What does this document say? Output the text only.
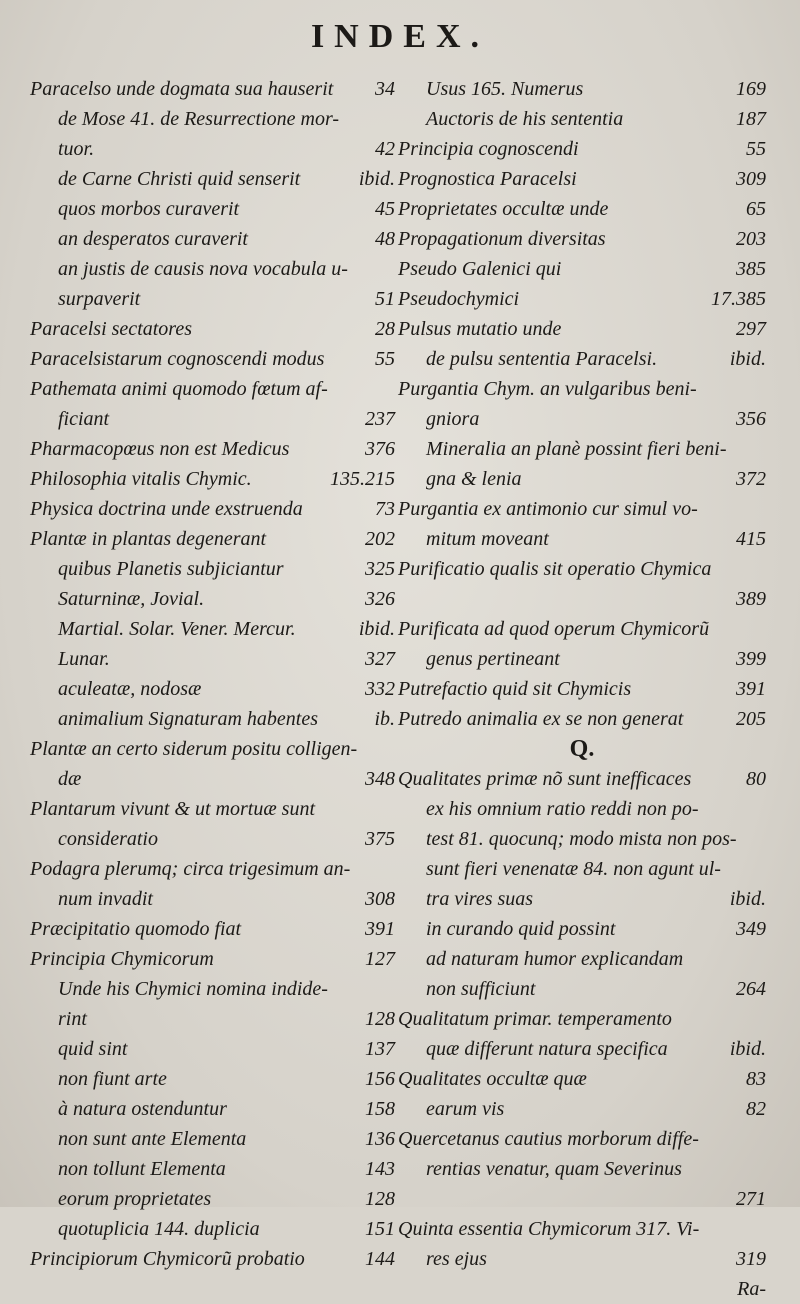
INDEX.
Paracelso unde dogmata sua hauserit 34
de Mose 41. de Resurrectione mor-
tuor.	42
de Carne Christi quid senserit	ibid.
quos morbos curaverit	45
an desperatos curaverit	48
an justis de causis nova vocabula u-
surpaverit	51
Paracelsi sectatores	28
Paracelsistarum cognoscendi modus	55
Pathemata animi quomodo fœtum af-
ficiant	237
Pharmacopœus non est Medicus	376
Philosophia vitalis Chymic.	135.215
Physica doctrina unde exstruenda	73
Plantæ in plantas degenerant	202
quibus Planetis subjiciantur	325
Saturninæ, Jovial.	326
Martial. Solar. Vener. Mercur.	ibid.
Lunar.	327
aculeatæ, nodosæ	332
animalium Signaturam habentes	ib.
Plantæ an certo siderum positu colligen-
dæ	348
Plantarum vivunt & ut mortuæ sunt
consideratio	375
Podagra plerumq; circa trigesimum an-
num invadit	308
Præcipitatio quomodo fiat	391
Principia Chymicorum	127
Unde his Chymici nomina indide-
rint	128
quid sint	137
non fiunt arte	156
à natura ostenduntur	158
non sunt ante Elementa	136
non tollunt Elementa	143
eorum proprietates	128
quotuplicia 144. duplicia	151
Principiorum Chymicorũ probatio	144
Usus 165. Numerus	169
Auctoris de his sententia	187
Principia cognoscendi	55
Prognostica Paracelsi	309
Proprietates occultæ unde	65
Propagationum diversitas	203
Pseudo Galenici qui	385
Pseudochymici	17.385
Pulsus mutatio unde	297
de pulsu sententia Paracelsi.	ibid.
Purgantia Chym. an vulgaribus beni-
gniora	356
Mineralia an planè possint fieri beni-
gna & lenia	372
Purgantia ex antimonio cur simul vo-
mitum moveant	415
Purificatio qualis sit operatio Chymica
389
Purificata ad quod operum Chymicorũ
genus pertineant	399
Putrefactio quid sit Chymicis	391
Putredo animalia ex se non generat	205
Q.
Qualitates primæ nõ sunt inefficaces	80
ex his omnium ratio reddi non po-
test 81. quocunq; modo mista non pos-
sunt fieri venenatæ 84. non agunt ul-
tra vires suas	ibid.
in curando quid possint	349
ad naturam humor explicandam
non sufficiunt	264
Qualitatum primar. temperamento
quæ differunt natura specifica	ibid.
Qualitates occultæ quæ	83
earum vis	82
Quercetanus cautius morborum diffe-
rentias venatur, quam Severinus
271
Quinta essentia Chymicorum 317. Vi-
res ejus	319
Ra-
